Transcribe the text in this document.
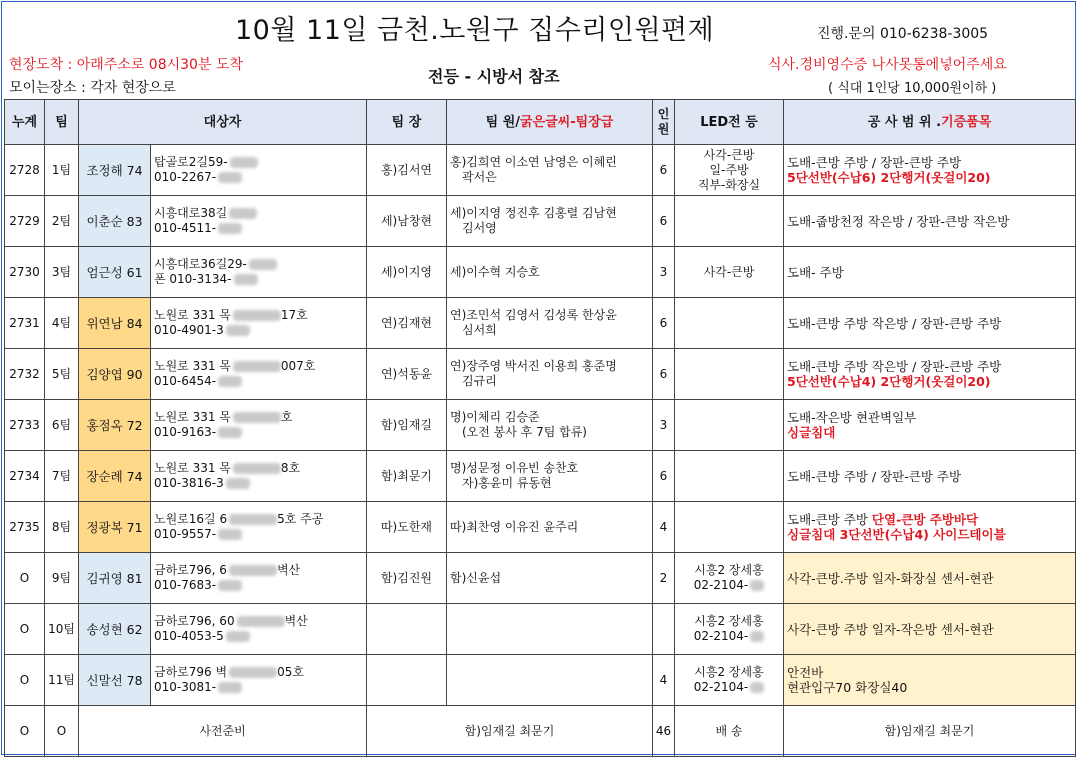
10월 11일 금천.노원구 집수리인원편제	진행.문의 010-6238-3005
현장도착 : 아래주소로 08시30분 도착
모이는장소 : 각자 현장으로
전등 - 시방서 참조
식사.경비영수증 나사못통에넣어주세요
( 식대 1인당 10,000원이하 )
누계	팀	대상자		팀 장	팀 원/굵은글씨-팀장급	인원	LED전 등	공 사 범 위 .기증품목
2728	1팀	조정해 74	탑골로2길59-
010-2267-	홍)김서연	홍)김희연 이소연 남영은 이혜린
곽서은	6	사각-큰방
일-주방
직부-화장실	도배-큰방 주방 / 장판-큰방 주방
5단선반(수납6) 2단행거(옷걸이20)

2729	2팀	이춘순 83	시흥대로38길
010-4511-	세)남창현	세)이지영 정진후 김홍렬 김남현
김서영	6		도배-줍방천정 작은방 / 장판-큰방 작은방

2730	3팀	엄근성 61	시흥대로36길29-
폰 010-3134-	세)이지영	세)이수혁 지승호	3	사각-큰방	도배- 주방

2731	4팀	위연남 84	노원로 331 목 17호
010-4901-3	연)김재현	연)조민석 김영서 김성록 한상윤
심서희	6		도배-큰방 주방 작은방 / 장판-큰방 주방

2732	5팀	김양엽 90	노원로 331 목 007호
010-6454-	연)석동윤	연)장주영 박서진 이용희 홍준명
김규리	6		도배-큰방 주방 작은방 / 장판-큰방 주방
5단선반(수납4) 2단행거(옷걸이20)

2733	6팀	홍점옥 72	노원로 331 목 호
010-9163-	함)임재길	명)이체리 김승준
(오전 봉사 후 7팀 합류)	3		도배-작은방 현관벽일부
싱글침대

2734	7팀	장순례 74	노원로 331 목 8호
010-3816-3	함)최문기	명)성문정 이유빈 송찬호
자)홍윤미 류동현	6		도배-큰방 주방 / 장판-큰방 주방

2735	8팀	정광복 71	노원로16길 6 5호 주공
010-9557-	따)도한재	따)최찬영 이유진 윤주리	4		도배-큰방 주방 단열-큰방 주방바닥
싱글침대 3단선반(수납4) 사이드테이블

O	9팀	김귀영 81	금하로796, 6 벽산
010-7683-	함)김진원	함)신윤섭	2	시흥2 장세홍
02-2104-	사각-큰방.주방 일자-화장실 센서-현관

O	10팀	송성현 62	금하로796, 60 벽산
010-4053-5				시흥2 장세홍
02-2104-	사각-큰방 주방 일자-작은방 센서-현관

O	11팀	신말선 78	금하로796 벽 05호
010-3081-			4	시흥2 장세홍
02-2104-	안전바
현관입구70 화장실40

O	O	사전준비		함)임재길 최문기		46	배 송	함)임재길 최문기
